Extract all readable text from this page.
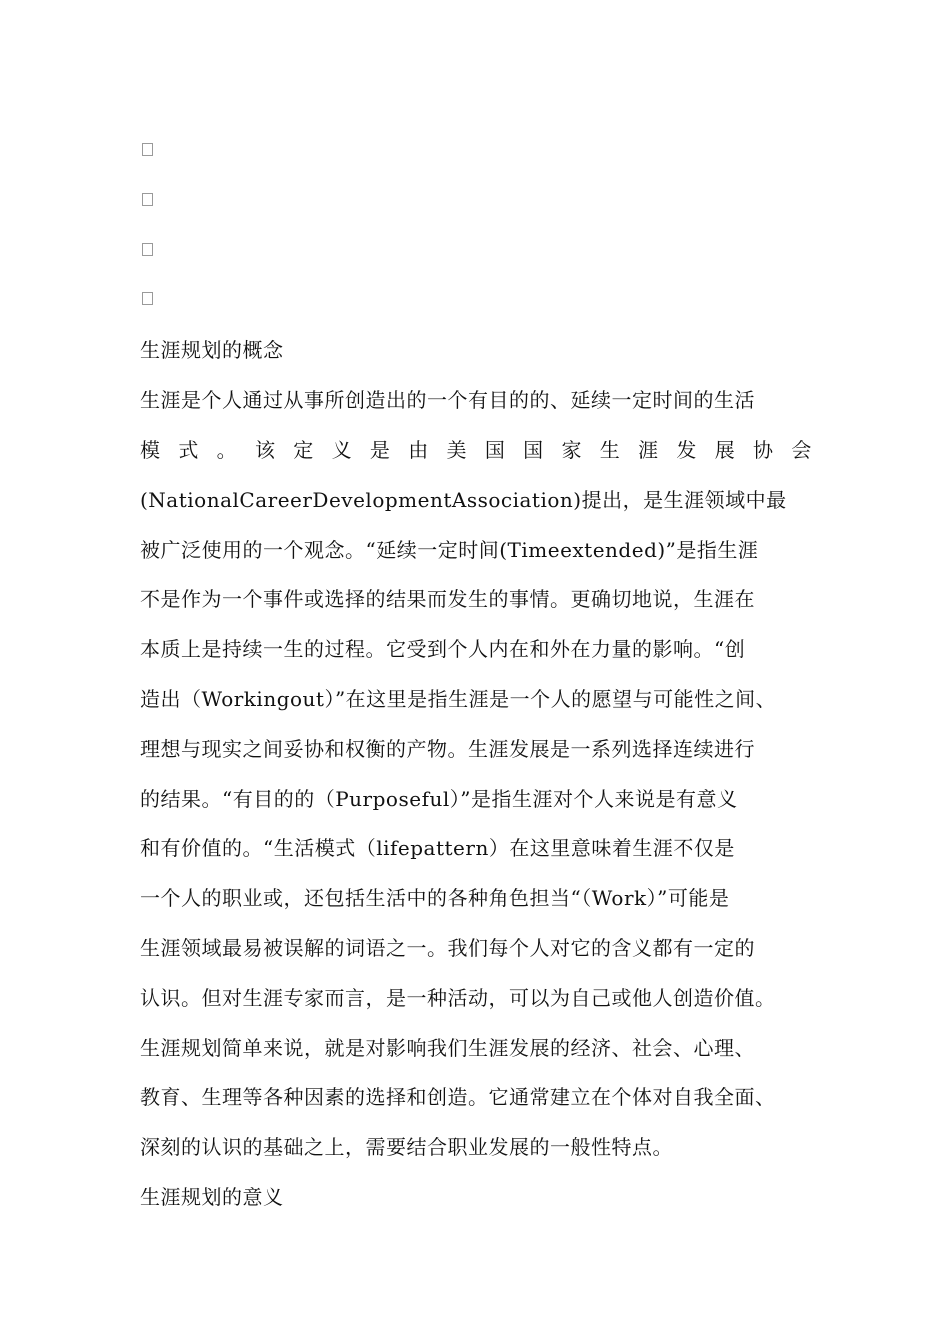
生涯规划的概念
生涯是个人通过从事所创造出的一个有目的的、延续一定时间的生活
模 式 。 该 定 义 是 由 美 国 国 家 生 涯 发 展 协 会
(NationalCareerDevelopmentAssociation)提出，是生涯领域中最
被广泛使用的一个观念。“延续一定时间(Timeextended)”是指生涯
不是作为一个事件或选择的结果而发生的事情。更确切地说，生涯在
本质上是持续一生的过程。它受到个人内在和外在力量的影响。“创
造出（Workingout）”在这里是指生涯是一个人的愿望与可能性之间、
理想与现实之间妥协和权衡的产物。生涯发展是一系列选择连续进行
的结果。“有目的的（Purposeful）”是指生涯对个人来说是有意义
和有价值的。“生活模式（lifepattern）在这里意味着生涯不仅是
一个人的职业或，还包括生活中的各种角色担当“（Work）”可能是
生涯领域最易被误解的词语之一。我们每个人对它的含义都有一定的
认识。但对生涯专家而言，是一种活动，可以为自己或他人创造价值。
生涯规划简单来说，就是对影响我们生涯发展的经济、社会、心理、
教育、生理等各种因素的选择和创造。它通常建立在个体对自我全面、
深刻的认识的基础之上，需要结合职业发展的一般性特点。
生涯规划的意义
